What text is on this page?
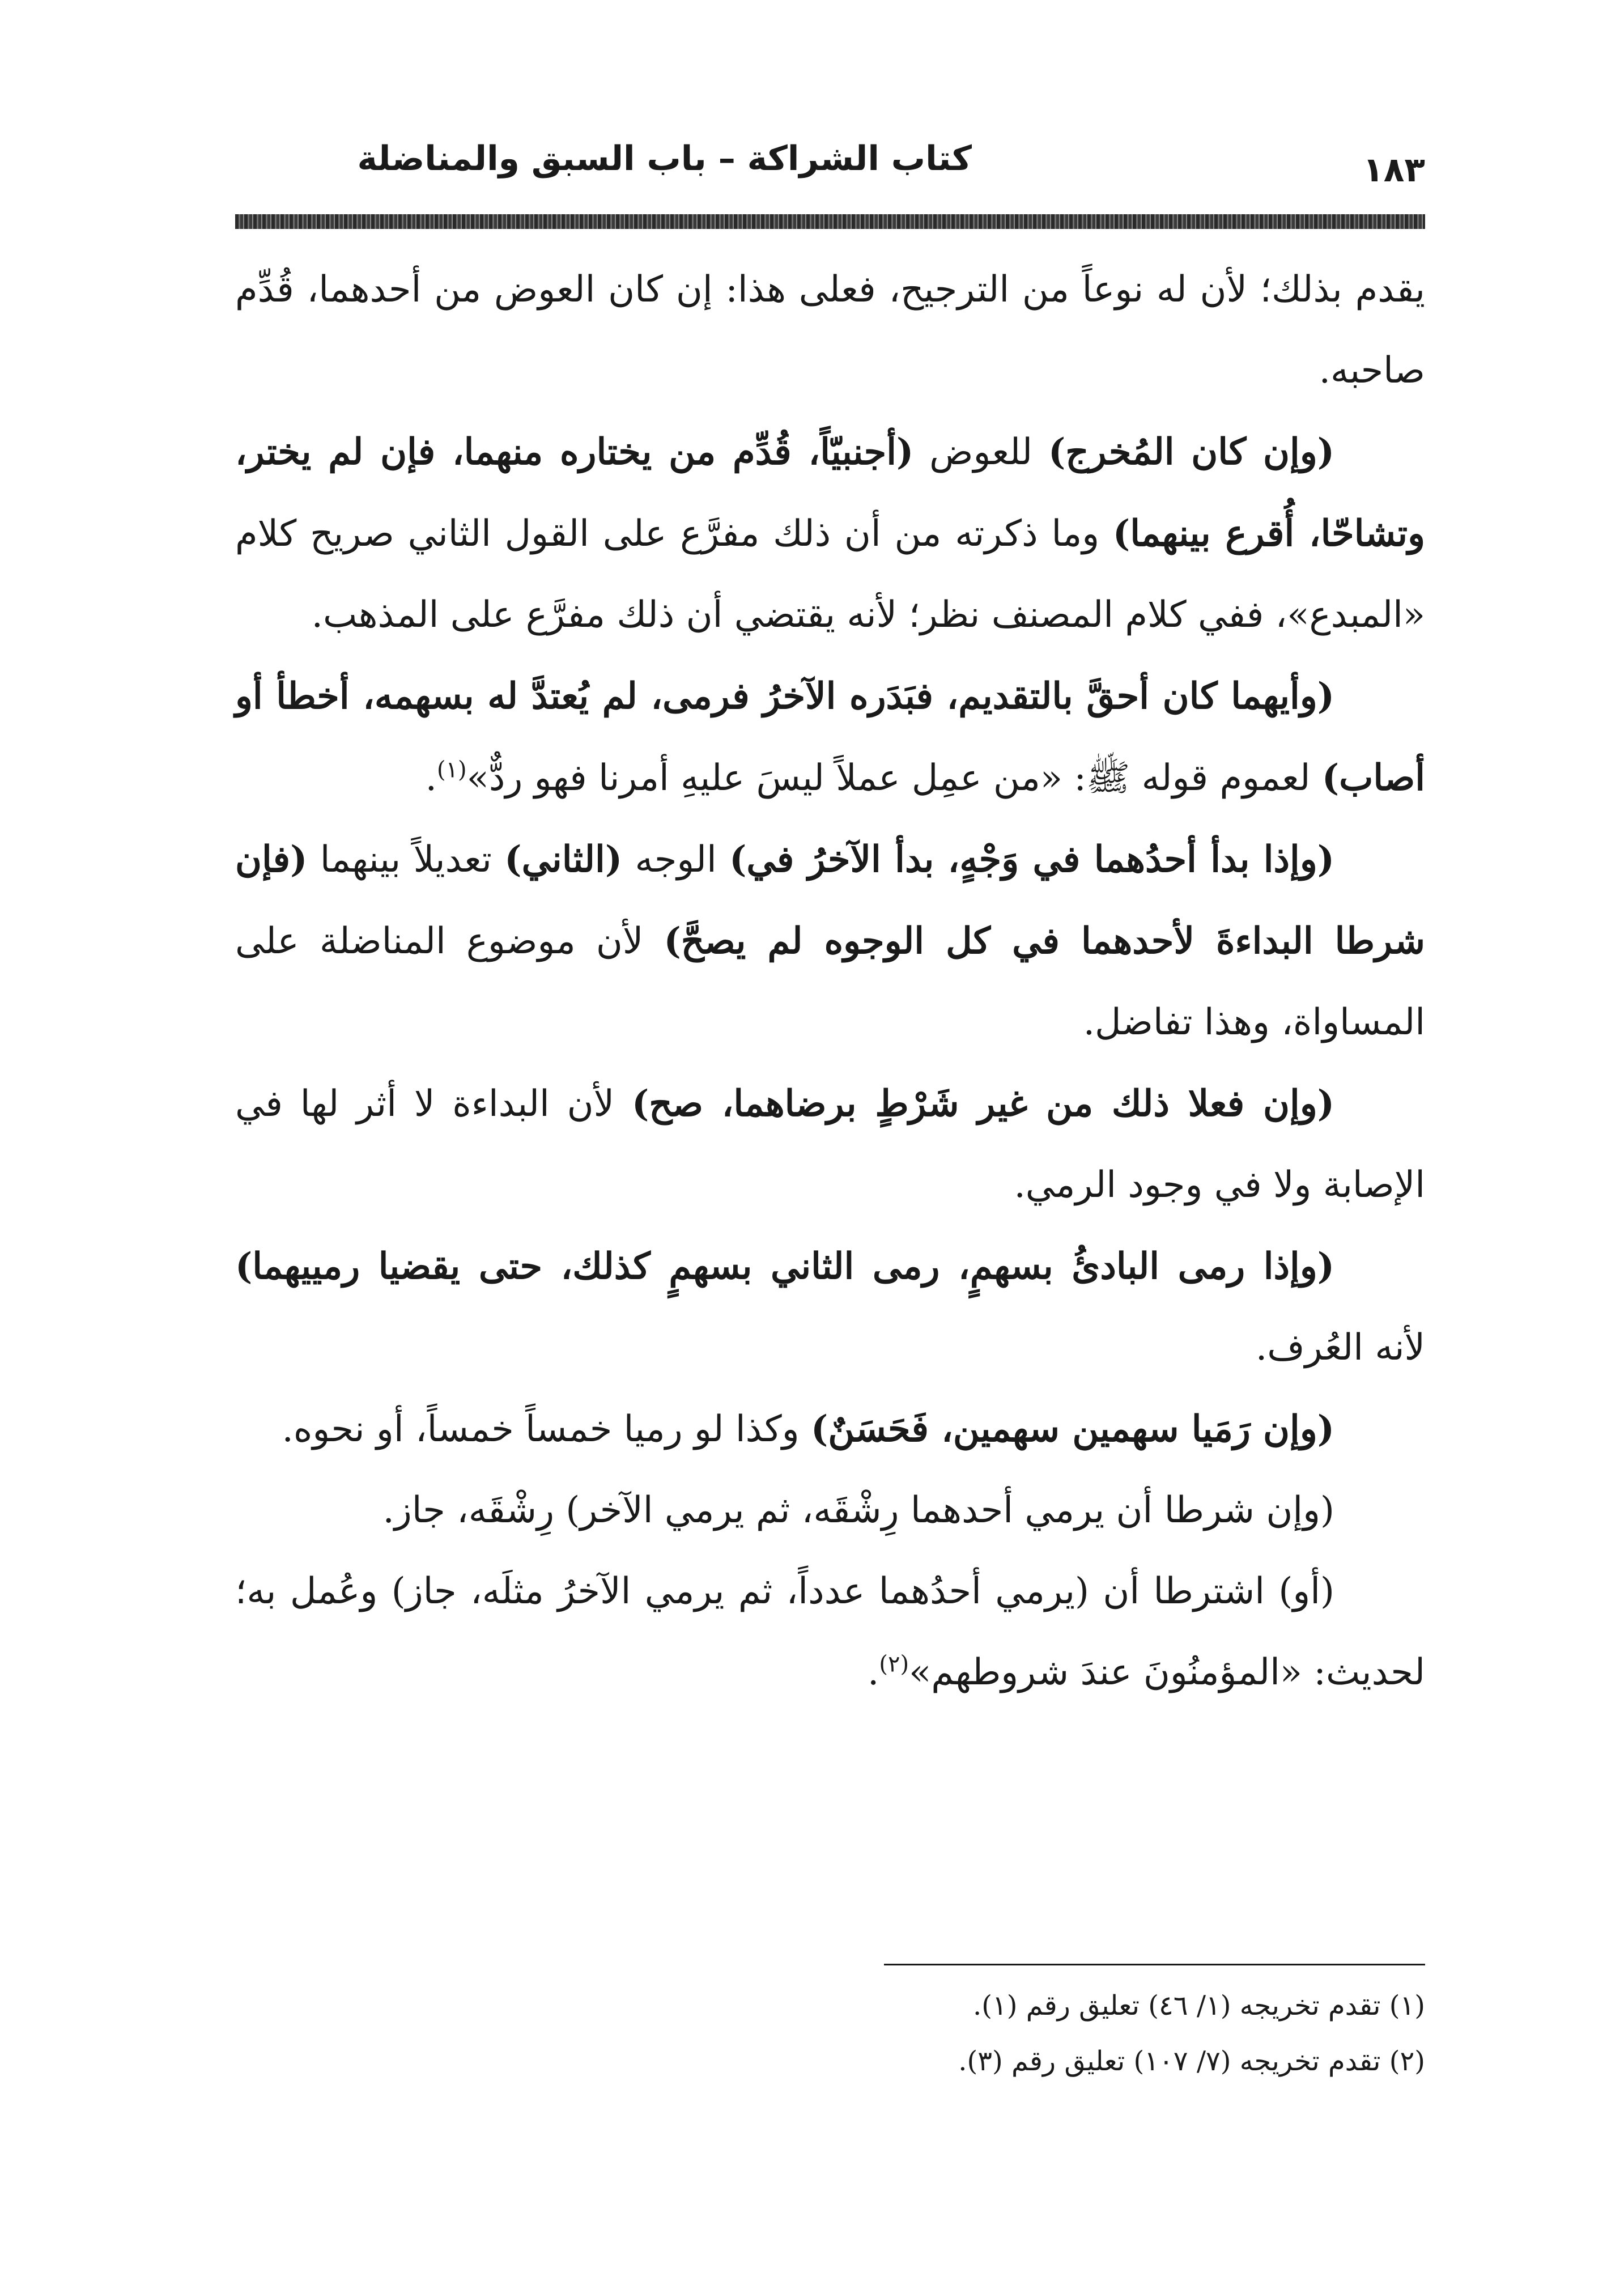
كتاب الشراكة – باب السبق والمناضلة	١٨٣

يقدم بذلك؛ لأن له نوعاً من الترجيح، فعلى هذا: إن كان العوض من أحدهما، قُدِّم صاحبه.

(وإن كان المُخرج) للعوض (أجنبيّاً، قُدِّم من يختاره منهما، فإن لم يختر، وتشاحّا، أُقرع بينهما) وما ذكرته من أن ذلك مفرَّع على القول الثاني صريح كلام «المبدع»، ففي كلام المصنف نظر؛ لأنه يقتضي أن ذلك مفرَّع على المذهب.

(وأيهما كان أحقَّ بالتقديم، فبَدَره الآخرُ فرمى، لم يُعتدَّ له بسهمه، أخطأ أو أصاب) لعموم قوله ﷺ: «من عمِل عملاً ليسَ عليهِ أمرنا فهو ردٌّ»$^{(١)}$.

(وإذا بدأ أحدُهما في وَجْهٍ، بدأ الآخرُ في) الوجه (الثاني) تعديلاً بينهما (فإن شرطا البداءةَ لأحدهما في كل الوجوه لم يصحَّ) لأن موضوع المناضلة على المساواة، وهذا تفاضل.

(وإن فعلا ذلك من غير شَرْطٍ برضاهما، صح) لأن البداءة لا أثر لها في الإصابة ولا في وجود الرمي.

(وإذا رمى البادئُ بسهمٍ، رمى الثاني بسهمٍ كذلك، حتى يقضيا رمييهما) لأنه العُرف.

(وإن رَمَيا سهمين سهمين، فَحَسَنٌ) وكذا لو رميا خمساً خمساً، أو نحوه.

(وإن شرطا أن يرمي أحدهما رِشْقَه، ثم يرمي الآخر) رِشْقَه، جاز.

(أو) اشترطا أن (يرمي أحدُهما عدداً، ثم يرمي الآخرُ مثلَه، جاز) وعُمل به؛ لحديث: «المؤمنُونَ عندَ شروطهم»$^{(٢)}$.

(١) تقدم تخريجه (١/ ٤٦) تعليق رقم (١).

(٢) تقدم تخريجه (٧/ ١٠٧) تعليق رقم (٣).
